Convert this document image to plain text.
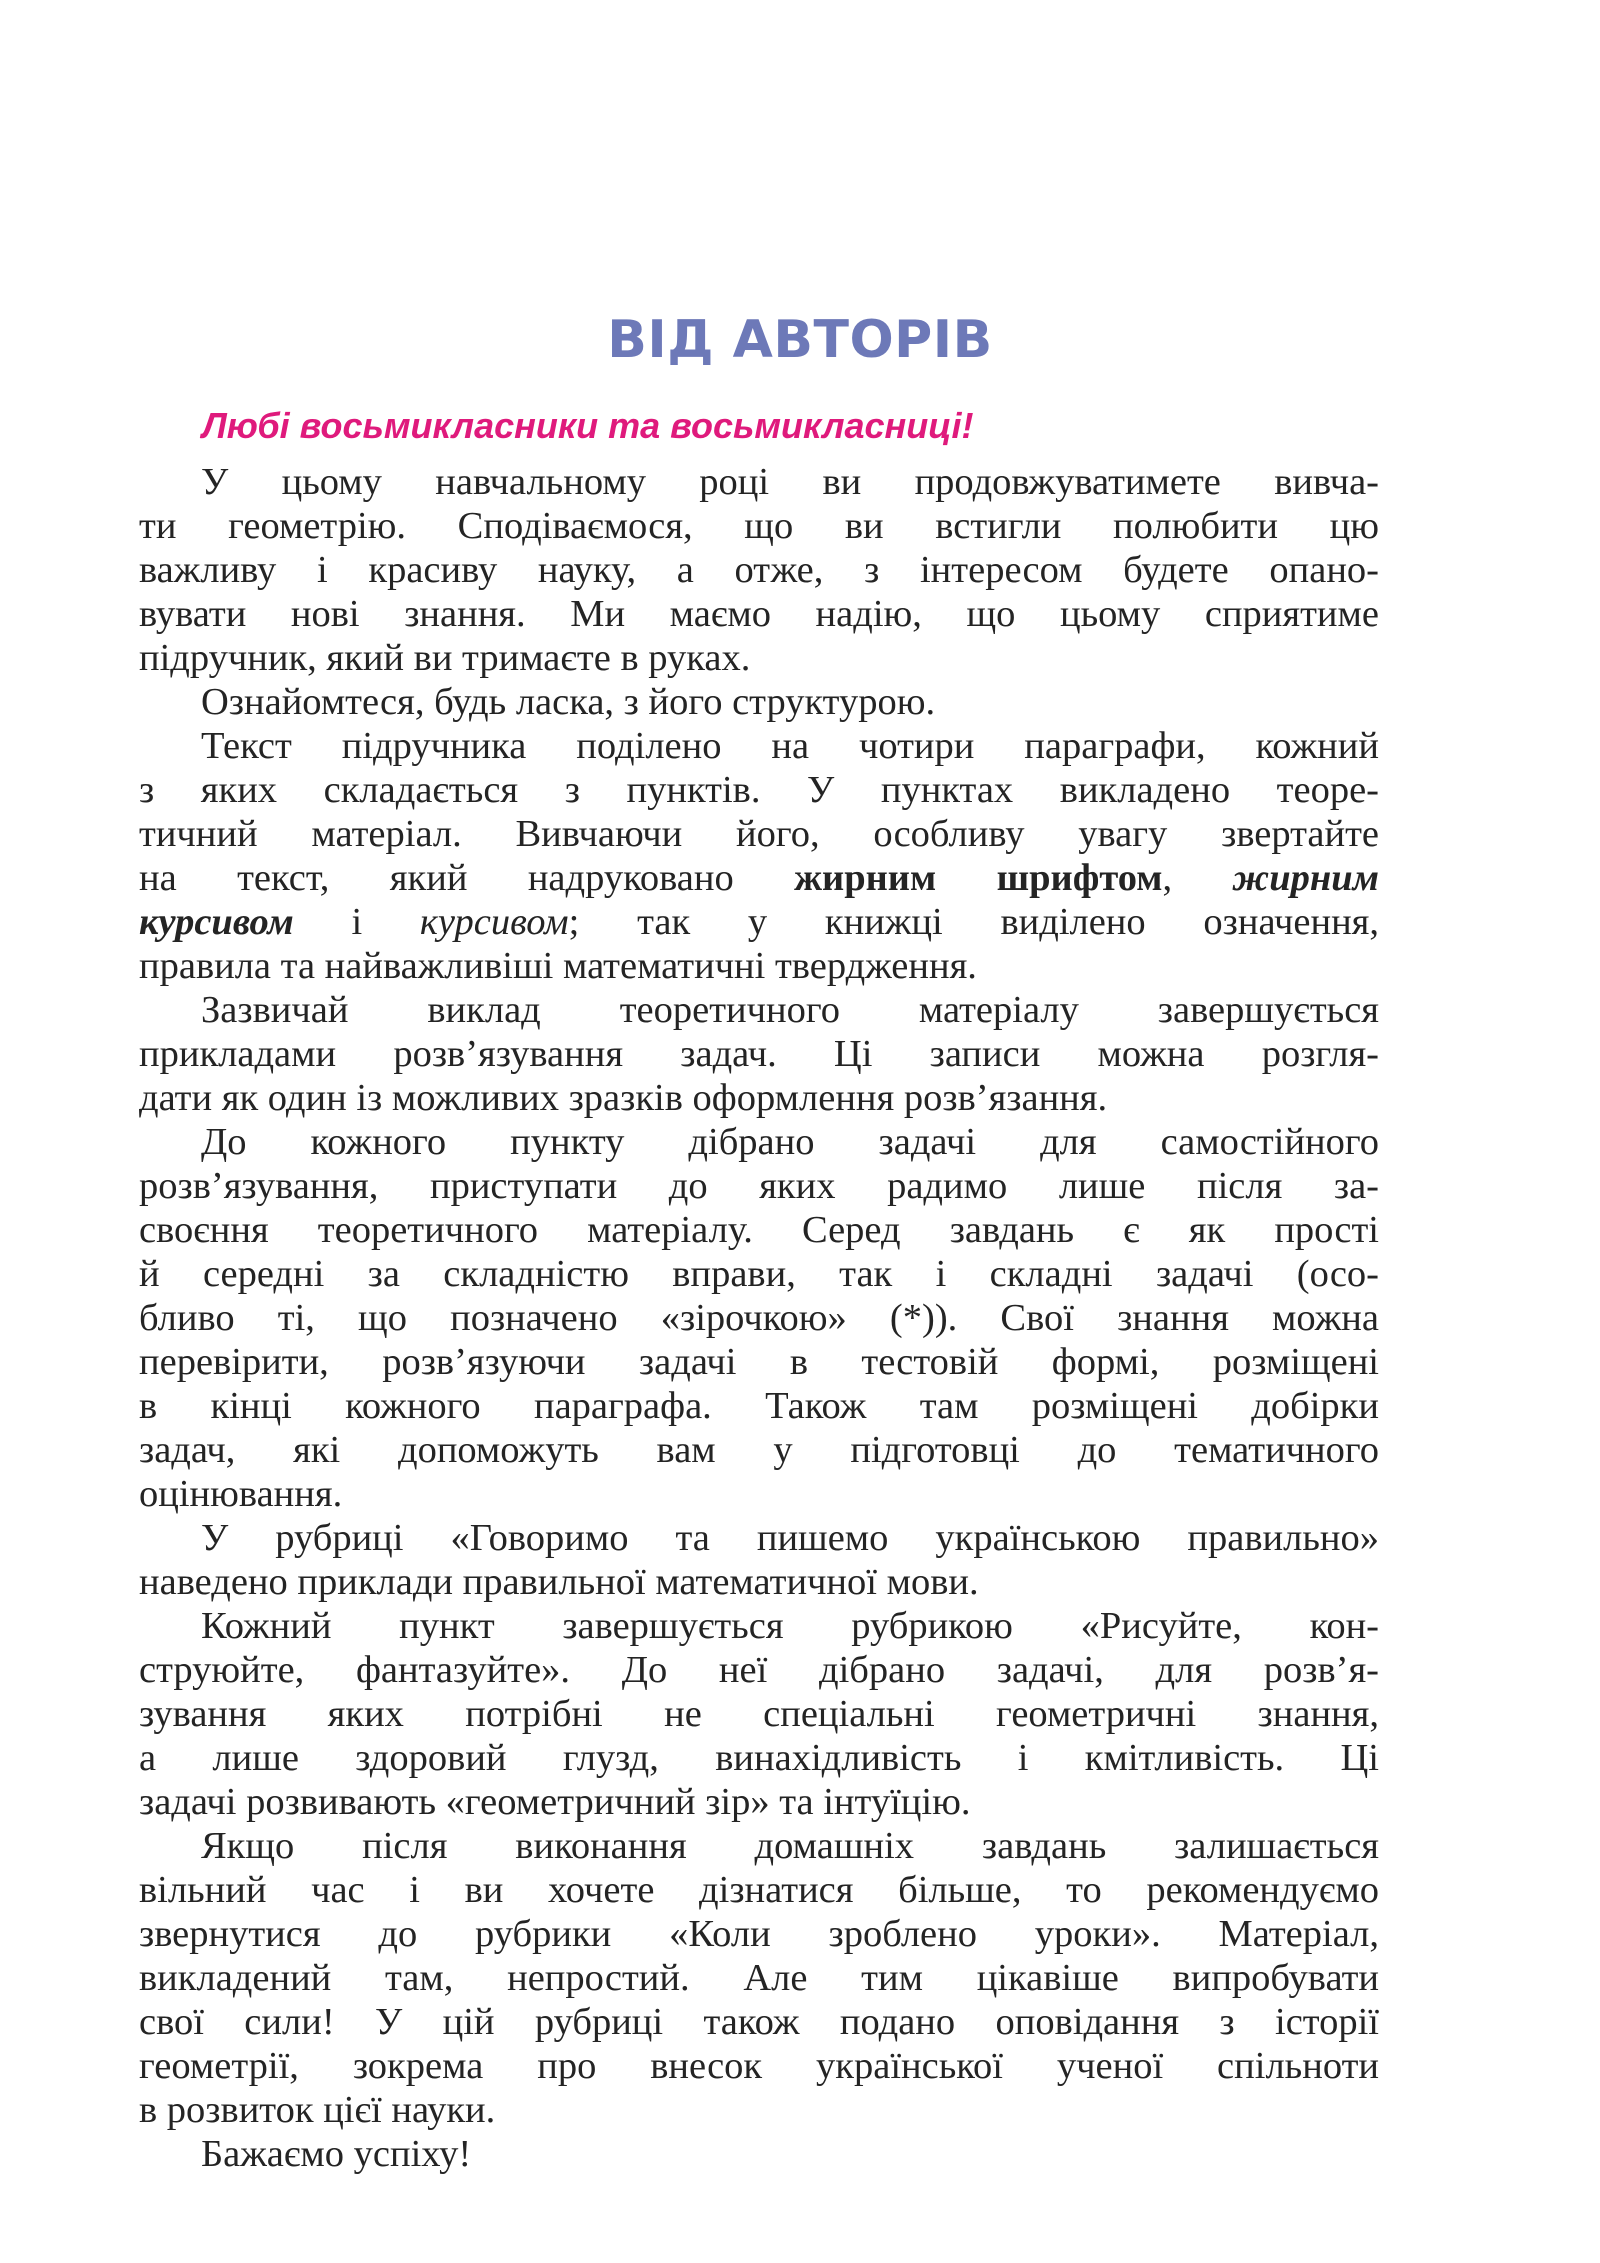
ВІД АВТОРІВ

Любі восьмикласники та восьмикласниці!

У цьому навчальному році ви продовжуватимете вивча-
ти геометрію. Сподіваємося, що ви встигли полюбити цю
важливу і красиву науку, а отже, з інтересом будете опано-
вувати нові знання. Ми маємо надію, що цьому сприятиме
підручник, який ви тримаєте в руках.
Ознайомтеся, будь ласка, з його структурою.
Текст підручника поділено на чотири параграфи, кожний
з яких складається з пунктів. У пунктах викладено теоре-
тичний матеріал. Вивчаючи його, особливу увагу звертайте
на текст, який надруковано жирним шрифтом, жирним
курсивом і курсивом; так у книжці виділено означення,
правила та найважливіші математичні твердження.
Зазвичай виклад теоретичного матеріалу завершується
прикладами розв’язування задач. Ці записи можна розгля-
дати як один із можливих зразків оформлення розв’язання.
До кожного пункту дібрано задачі для самостійного
розв’язування, приступати до яких радимо лише після за-
своєння теоретичного матеріалу. Серед завдань є як прості
й середні за складністю вправи, так і складні задачі (осо-
бливо ті, що позначено «зірочкою» (*)). Свої знання можна
перевірити, розв’язуючи задачі в тестовій формі, розміщені
в кінці кожного параграфа. Також там розміщені добірки
задач, які допоможуть вам у підготовці до тематичного
оцінювання.
У рубриці «Говоримо та пишемо українською правильно»
наведено приклади правильної математичної мови.
Кожний пункт завершується рубрикою «Рисуйте, кон-
струюйте, фантазуйте». До неї дібрано задачі, для розв’я-
зування яких потрібні не спеціальні геометричні знання,
а лише здоровий глузд, винахідливість і кмітливість. Ці
задачі розвивають «геометричний зір» та інтуїцію.
Якщо після виконання домашніх завдань залишається
вільний час і ви хочете дізнатися більше, то рекомендуємо
звернутися до рубрики «Коли зроблено уроки». Матеріал,
викладений там, непростий. Але тим цікавіше випробувати
свої сили! У цій рубриці також подано оповідання з історії
геометрії, зокрема про внесок української ученої спільноти
в розвиток цієї науки.
Бажаємо успіху!
